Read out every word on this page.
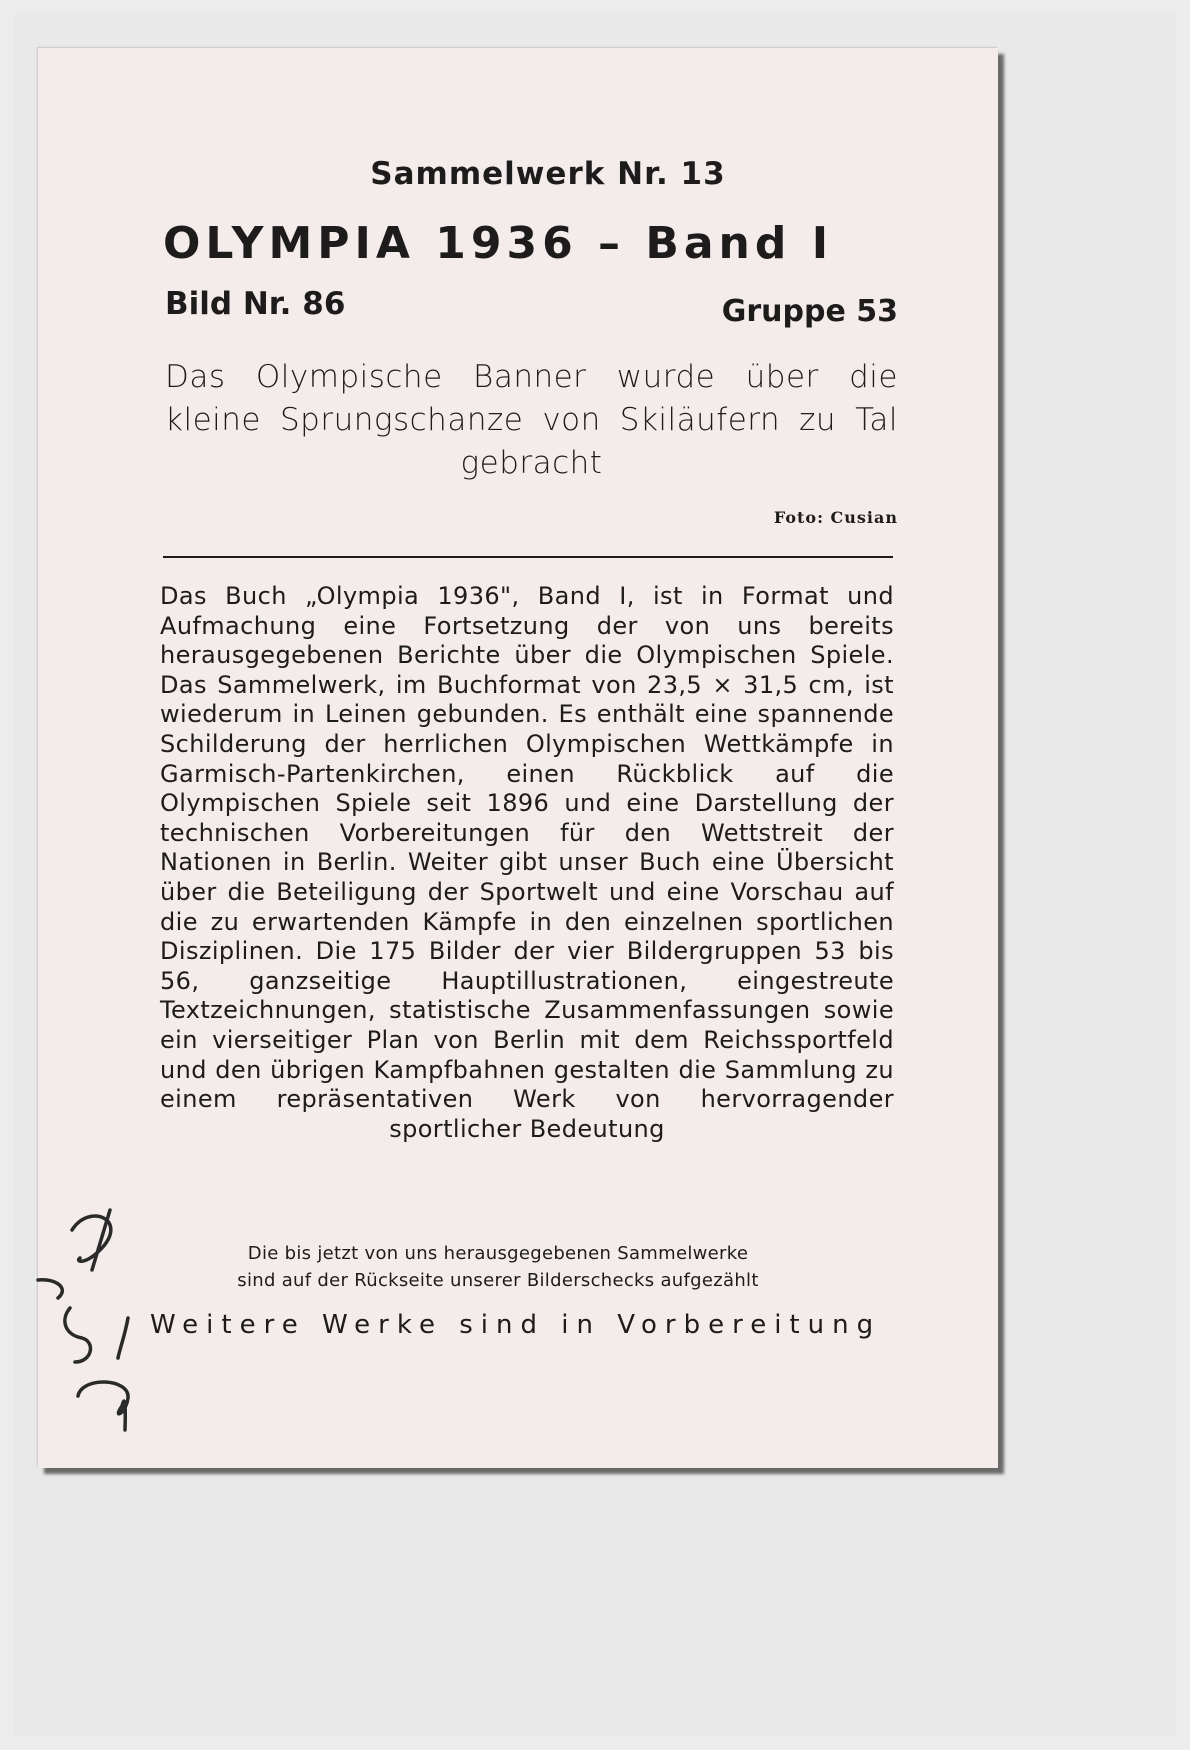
Sammelwerk Nr. 13
OLYMPIA 1936 – Band I
Bild Nr. 86	Gruppe 53
Das Olympische Banner wurde über die kleine Sprungschanze von Skiläufern zu Tal gebracht
Foto: Cusian
Das Buch „Olympia 1936", Band I, ist in Format und Aufmachung eine Fortsetzung der von uns bereits herausgegebenen Berichte über die Olympischen Spiele. Das Sammelwerk, im Buchformat von 23,5 × 31,5 cm, ist wiederum in Leinen gebunden. Es enthält eine spannende Schilderung der herrlichen Olympischen Wettkämpfe in Garmisch-Partenkirchen, einen Rückblick auf die Olympischen Spiele seit 1896 und eine Darstellung der technischen Vorbereitungen für den Wettstreit der Nationen in Berlin. Weiter gibt unser Buch eine Übersicht über die Beteiligung der Sportwelt und eine Vorschau auf die zu erwartenden Kämpfe in den einzelnen sportlichen Disziplinen. Die 175 Bilder der vier Bildergruppen 53 bis 56, ganzseitige Hauptillustrationen, eingestreute Textzeichnungen, statistische Zusammenfassungen sowie ein vierseitiger Plan von Berlin mit dem Reichssportfeld und den übrigen Kampfbahnen gestalten die Sammlung zu einem repräsentativen Werk von hervorragender sportlicher Bedeutung
Die bis jetzt von uns herausgegebenen Sammelwerke
sind auf der Rückseite unserer Bilderschecks aufgezählt
Weitere Werke sind in Vorbereitung
